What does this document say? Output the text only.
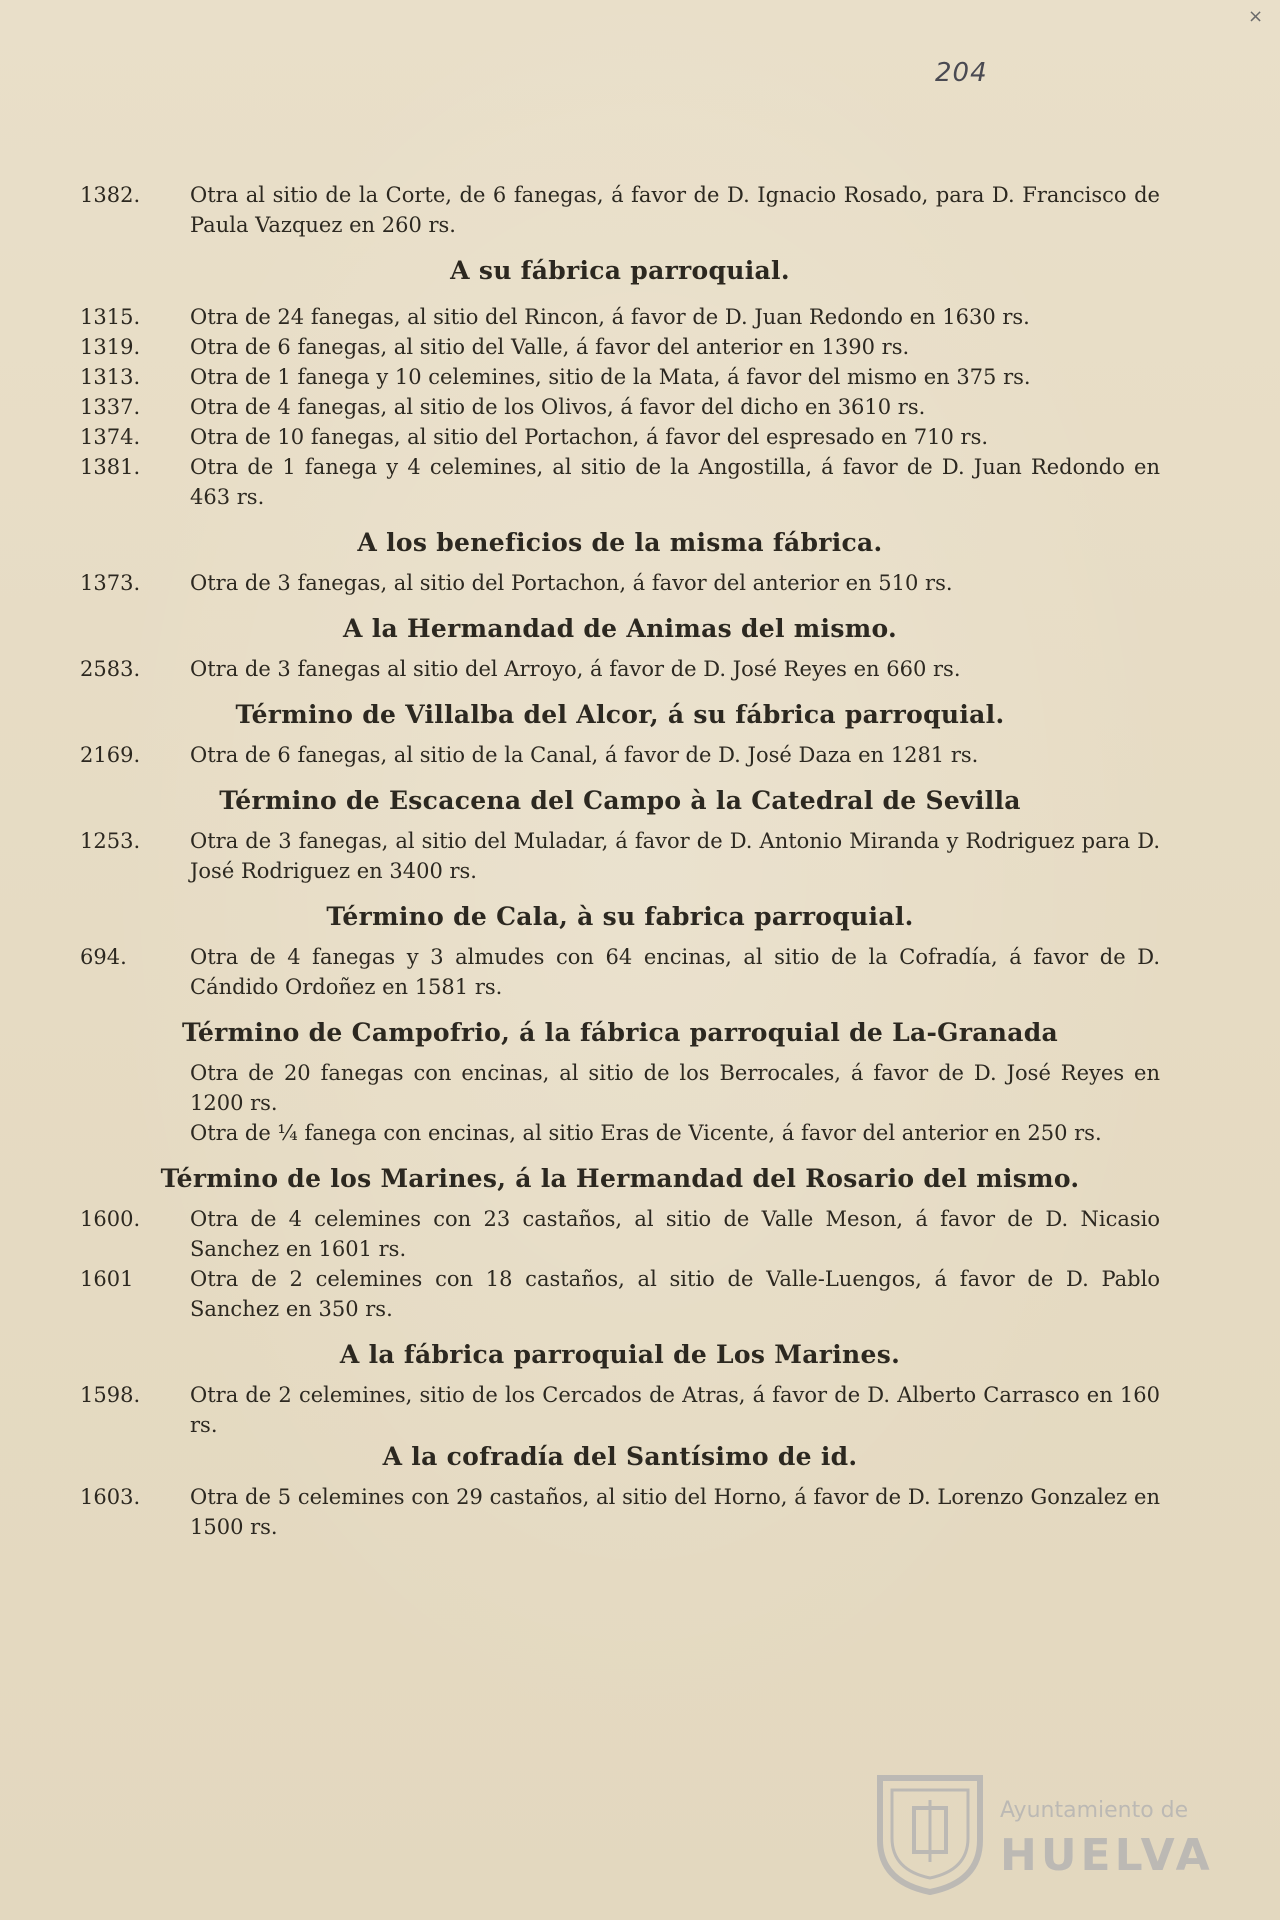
×
204
1382.	Otra al sitio de la Corte, de 6 fanegas, á favor de D. Ignacio Rosado, para D. Francisco de Paula Vazquez en 260 rs.
A su fábrica parroquial.
1315.	Otra de 24 fanegas, al sitio del Rincon, á favor de D. Juan Redondo en 1630 rs.
1319.	Otra de 6 fanegas, al sitio del Valle, á favor del anterior en 1390 rs.
1313.	Otra de 1 fanega y 10 celemines, sitio de la Mata, á favor del mismo en 375 rs.
1337.	Otra de 4 fanegas, al sitio de los Olivos, á favor del dicho en 3610 rs.
1374.	Otra de 10 fanegas, al sitio del Portachon, á favor del espresado en 710 rs.
1381.	Otra de 1 fanega y 4 celemines, al sitio de la Angostilla, á favor de D. Juan Redondo en 463 rs.
A los beneficios de la misma fábrica.
1373.	Otra de 3 fanegas, al sitio del Portachon, á favor del anterior en 510 rs.
A la Hermandad de Animas del mismo.
2583.	Otra de 3 fanegas al sitio del Arroyo, á favor de D. José Reyes en 660 rs.
Término de Villalba del Alcor, á su fábrica parroquial.
2169.	Otra de 6 fanegas, al sitio de la Canal, á favor de D. José Daza en 1281 rs.
Término de Escacena del Campo à la Catedral de Sevilla
1253.	Otra de 3 fanegas, al sitio del Muladar, á favor de D. Antonio Miranda y Rodriguez para D. José Rodriguez en 3400 rs.
Término de Cala, à su fabrica parroquial.
694.	Otra de 4 fanegas y 3 almudes con 64 encinas, al sitio de la Cofradía, á favor de D. Cándido Ordoñez en 1581 rs.
Término de Campofrio, á la fábrica parroquial de La-Granada
Otra de 20 fanegas con encinas, al sitio de los Berrocales, á favor de D. José Reyes en 1200 rs.
Otra de ¼ fanega con encinas, al sitio Eras de Vicente, á favor del anterior en 250 rs.
Término de los Marines, á la Hermandad del Rosario del mismo.
1600.	Otra de 4 celemines con 23 castaños, al sitio de Valle Meson, á favor de D. Nicasio Sanchez en 1601 rs.
1601	Otra de 2 celemines con 18 castaños, al sitio de Valle-Luengos, á favor de D. Pablo Sanchez en 350 rs.
A la fábrica parroquial de Los Marines.
1598.	Otra de 2 celemines, sitio de los Cercados de Atras, á favor de D. Alberto Carrasco en 160 rs.
A la cofradía del Santísimo de id.
1603.	Otra de 5 celemines con 29 castaños, al sitio del Horno, á favor de D. Lorenzo Gonzalez en 1500 rs.
Ayuntamiento de
HUELVA
